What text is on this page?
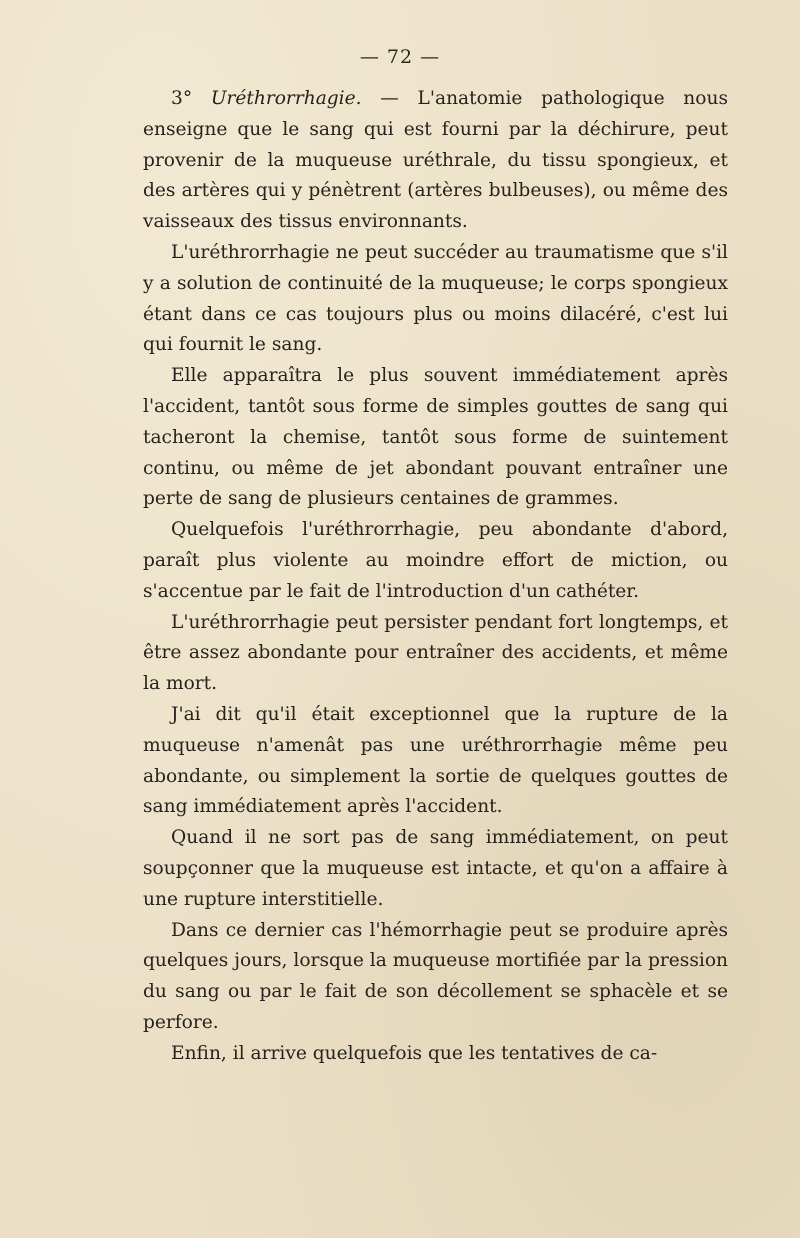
— 72 —

3° Uréthrorrhagie. — L'anatomie pathologique nous enseigne que le sang qui est fourni par la déchirure, peut provenir de la muqueuse uréthrale, du tissu spongieux, et des artères qui y pénètrent (artères bulbeuses), ou même des vaisseaux des tissus environnants.

L'uréthrorrhagie ne peut succéder au traumatisme que s'il y a solution de continuité de la muqueuse; le corps spongieux étant dans ce cas toujours plus ou moins dilacéré, c'est lui qui fournit le sang.

Elle apparaîtra le plus souvent immédiatement après l'accident, tantôt sous forme de simples gouttes de sang qui tacheront la chemise, tantôt sous forme de suintement continu, ou même de jet abondant pouvant entraîner une perte de sang de plusieurs centaines de grammes.

Quelquefois l'uréthrorrhagie, peu abondante d'abord, paraît plus violente au moindre effort de miction, ou s'accentue par le fait de l'introduction d'un cathéter.

L'uréthrorrhagie peut persister pendant fort longtemps, et être assez abondante pour entraîner des accidents, et même la mort.

J'ai dit qu'il était exceptionnel que la rupture de la muqueuse n'amenât pas une uréthrorrhagie même peu abondante, ou simplement la sortie de quelques gouttes de sang immédiatement après l'accident.

Quand il ne sort pas de sang immédiatement, on peut soupçonner que la muqueuse est intacte, et qu'on a affaire à une rupture interstitielle.

Dans ce dernier cas l'hémorrhagie peut se produire après quelques jours, lorsque la muqueuse mortifiée par la pression du sang ou par le fait de son décollement se sphacèle et se perfore.

Enfin, il arrive quelquefois que les tentatives de ca-
